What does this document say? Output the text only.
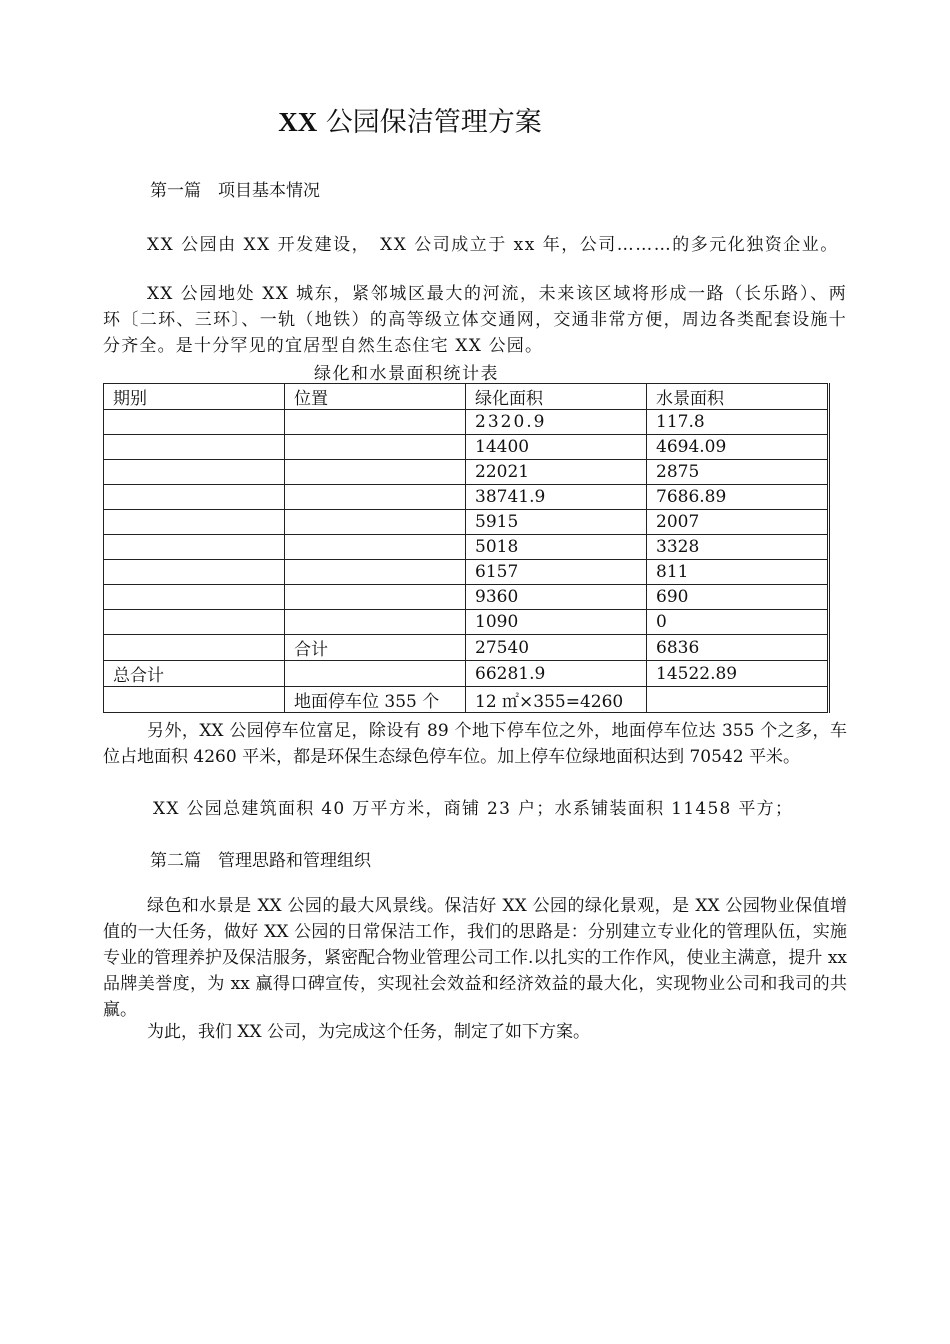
XX 公园保洁管理方案
第一篇　项目基本情况
XX 公园由 XX 开发建设，　XX 公司成立于 xx 年，公司………的多元化独资企业。
XX 公园地处 XX 城东，紧邻城区最大的河流，未来该区域将形成一路（长乐路）、两环〔二环、三环〕、一轨（地铁）的高等级立体交通网，交通非常方便，周边各类配套设施十分齐全。是十分罕见的宜居型自然生态住宅 XX 公园。
绿化和水景面积统计表
期别	位置	绿化面积	水景面积
		2320.9	117.8
		14400	4694.09
		22021	2875
		38741.9	7686.89
		5915	2007
		5018	3328
		6157	811
		9360	690
		1090	0
	合计	27540	6836
总合计		66281.9	14522.89
	地面停车位 355 个	12 ㎡×355=4260	
另外，XX 公园停车位富足，除设有 89 个地下停车位之外，地面停车位达 355 个之多，车位占地面积 4260 平米，都是环保生态绿色停车位。加上停车位绿地面积达到 70542 平米。
XX 公园总建筑面积 40 万平方米，商铺 23 户；水系铺装面积 11458 平方；
第二篇　管理思路和管理组织
绿色和水景是 XX 公园的最大风景线。保洁好 XX 公园的绿化景观，是 XX 公园物业保值增值的一大任务，做好 XX 公园的日常保洁工作，我们的思路是：分别建立专业化的管理队伍，实施专业的管理养护及保洁服务，紧密配合物业管理公司工作.以扎实的工作作风，使业主满意，提升 xx 品牌美誉度，为 xx 赢得口碑宣传，实现社会效益和经济效益的最大化，实现物业公司和我司的共赢。
为此，我们 XX 公司，为完成这个任务，制定了如下方案。
